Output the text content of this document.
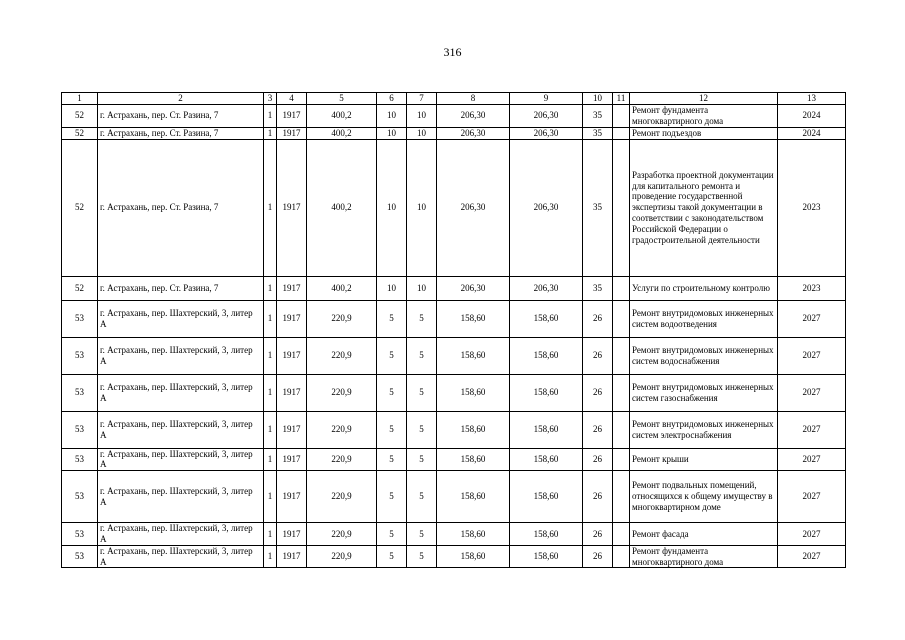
316
1	2	3	4	5	6	7	8	9	10	11	12	13
52	г. Астрахань, пер. Ст. Разина, 7	1	1917	400,2	10	10	206,30	206,30	35		Ремонт фундамента многоквартирного дома	2024
52	г. Астрахань, пер. Ст. Разина, 7	1	1917	400,2	10	10	206,30	206,30	35		Ремонт подъездов	2024
52	г. Астрахань, пер. Ст. Разина, 7	1	1917	400,2	10	10	206,30	206,30	35		Разработка проектной документации для капитального ремонта и проведение государственной экспертизы такой документации в соответствии с законодательством Российской Федерации о градостроительной деятельности	2023
52	г. Астрахань, пер. Ст. Разина, 7	1	1917	400,2	10	10	206,30	206,30	35		Услуги по строительному контролю	2023
53	г. Астрахань, пер. Шахтерский, 3, литер А	1	1917	220,9	5	5	158,60	158,60	26		Ремонт внутридомовых инженерных систем водоотведения	2027
53	г. Астрахань, пер. Шахтерский, 3, литер А	1	1917	220,9	5	5	158,60	158,60	26		Ремонт внутридомовых инженерных систем водоснабжения	2027
53	г. Астрахань, пер. Шахтерский, 3, литер А	1	1917	220,9	5	5	158,60	158,60	26		Ремонт внутридомовых инженерных систем газоснабжения	2027
53	г. Астрахань, пер. Шахтерский, 3, литер А	1	1917	220,9	5	5	158,60	158,60	26		Ремонт внутридомовых инженерных систем электроснабжения	2027
53	г. Астрахань, пер. Шахтерский, 3, литер А	1	1917	220,9	5	5	158,60	158,60	26		Ремонт крыши	2027
53	г. Астрахань, пер. Шахтерский, 3, литер А	1	1917	220,9	5	5	158,60	158,60	26		Ремонт подвальных помещений, относящихся к общему имуществу в многоквартирном доме	2027
53	г. Астрахань, пер. Шахтерский, 3, литер А	1	1917	220,9	5	5	158,60	158,60	26		Ремонт фасада	2027
53	г. Астрахань, пер. Шахтерский, 3, литер А	1	1917	220,9	5	5	158,60	158,60	26		Ремонт фундамента многоквартирного дома	2027
